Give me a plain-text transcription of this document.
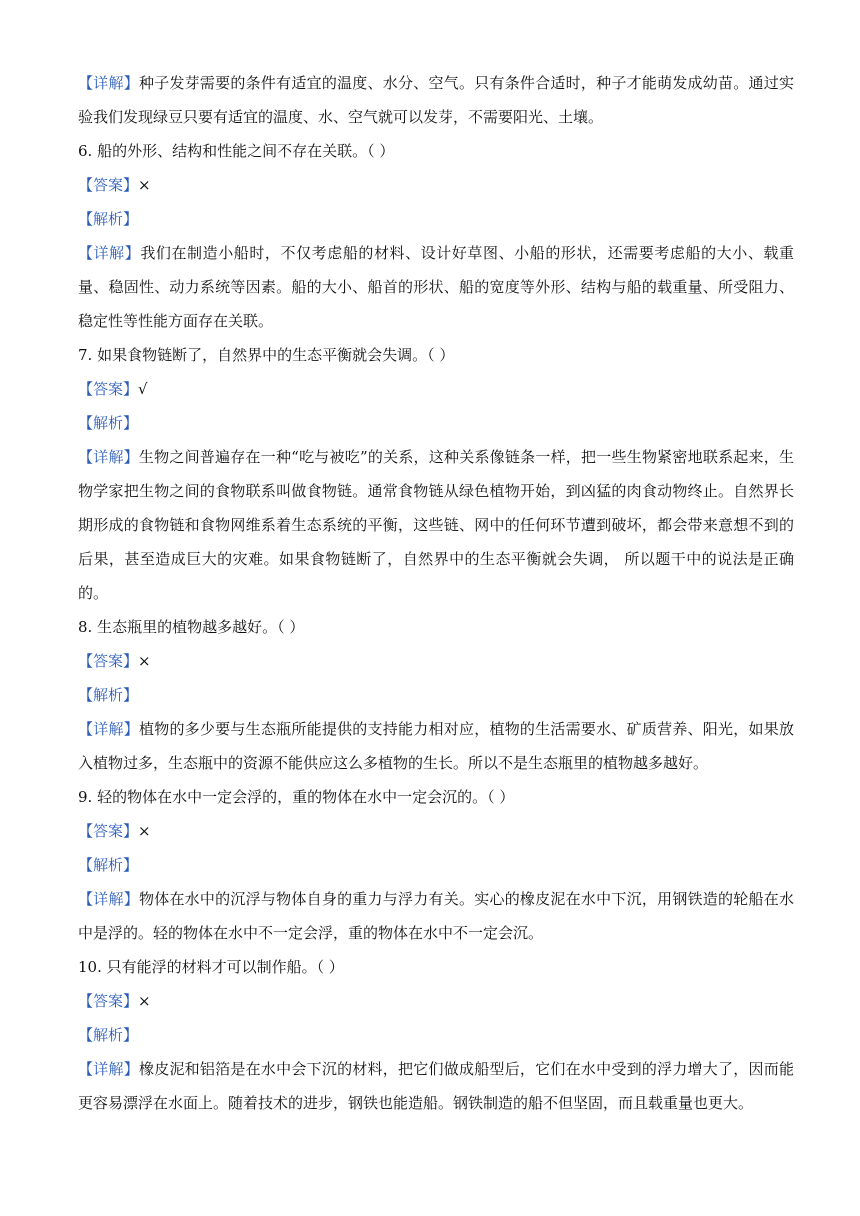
【详解】种子发芽需要的条件有适宜的温度、水分、空气。只有条件合适时，种子才能萌发成幼苗。通过实验我们发现绿豆只要有适宜的温度、水、空气就可以发芽，不需要阳光、土壤。
6. 船的外形、结构和性能之间不存在关联。（ ）
【答案】×
【解析】
【详解】我们在制造小船时，不仅考虑船的材料、设计好草图、小船的形状，还需要考虑船的大小、载重量、稳固性、动力系统等因素。船的大小、船首的形状、船的宽度等外形、结构与船的载重量、所受阻力、稳定性等性能方面存在关联。
7. 如果食物链断了，自然界中的生态平衡就会失调。（ ）
【答案】√
【解析】
【详解】生物之间普遍存在一种“吃与被吃”的关系，这种关系像链条一样，把一些生物紧密地联系起来，生物学家把生物之间的食物联系叫做食物链。通常食物链从绿色植物开始，到凶猛的肉食动物终止。自然界长期形成的食物链和食物网维系着生态系统的平衡，这些链、网中的任何环节遭到破坏，都会带来意想不到的后果，甚至造成巨大的灾难。如果食物链断了，自然界中的生态平衡就会失调， 所以题干中的说法是正确的。
8. 生态瓶里的植物越多越好。（ ）
【答案】×
【解析】
【详解】植物的多少要与生态瓶所能提供的支持能力相对应，植物的生活需要水、矿质营养、阳光，如果放入植物过多，生态瓶中的资源不能供应这么多植物的生长。所以不是生态瓶里的植物越多越好。
9. 轻的物体在水中一定会浮的，重的物体在水中一定会沉的。（ ）
【答案】×
【解析】
【详解】物体在水中的沉浮与物体自身的重力与浮力有关。实心的橡皮泥在水中下沉，用钢铁造的轮船在水中是浮的。轻的物体在水中不一定会浮，重的物体在水中不一定会沉。
10. 只有能浮的材料才可以制作船。（ ）
【答案】×
【解析】
【详解】橡皮泥和铝箔是在水中会下沉的材料，把它们做成船型后，它们在水中受到的浮力增大了，因而能更容易漂浮在水面上。随着技术的进步，钢铁也能造船。钢铁制造的船不但坚固，而且载重量也更大。
